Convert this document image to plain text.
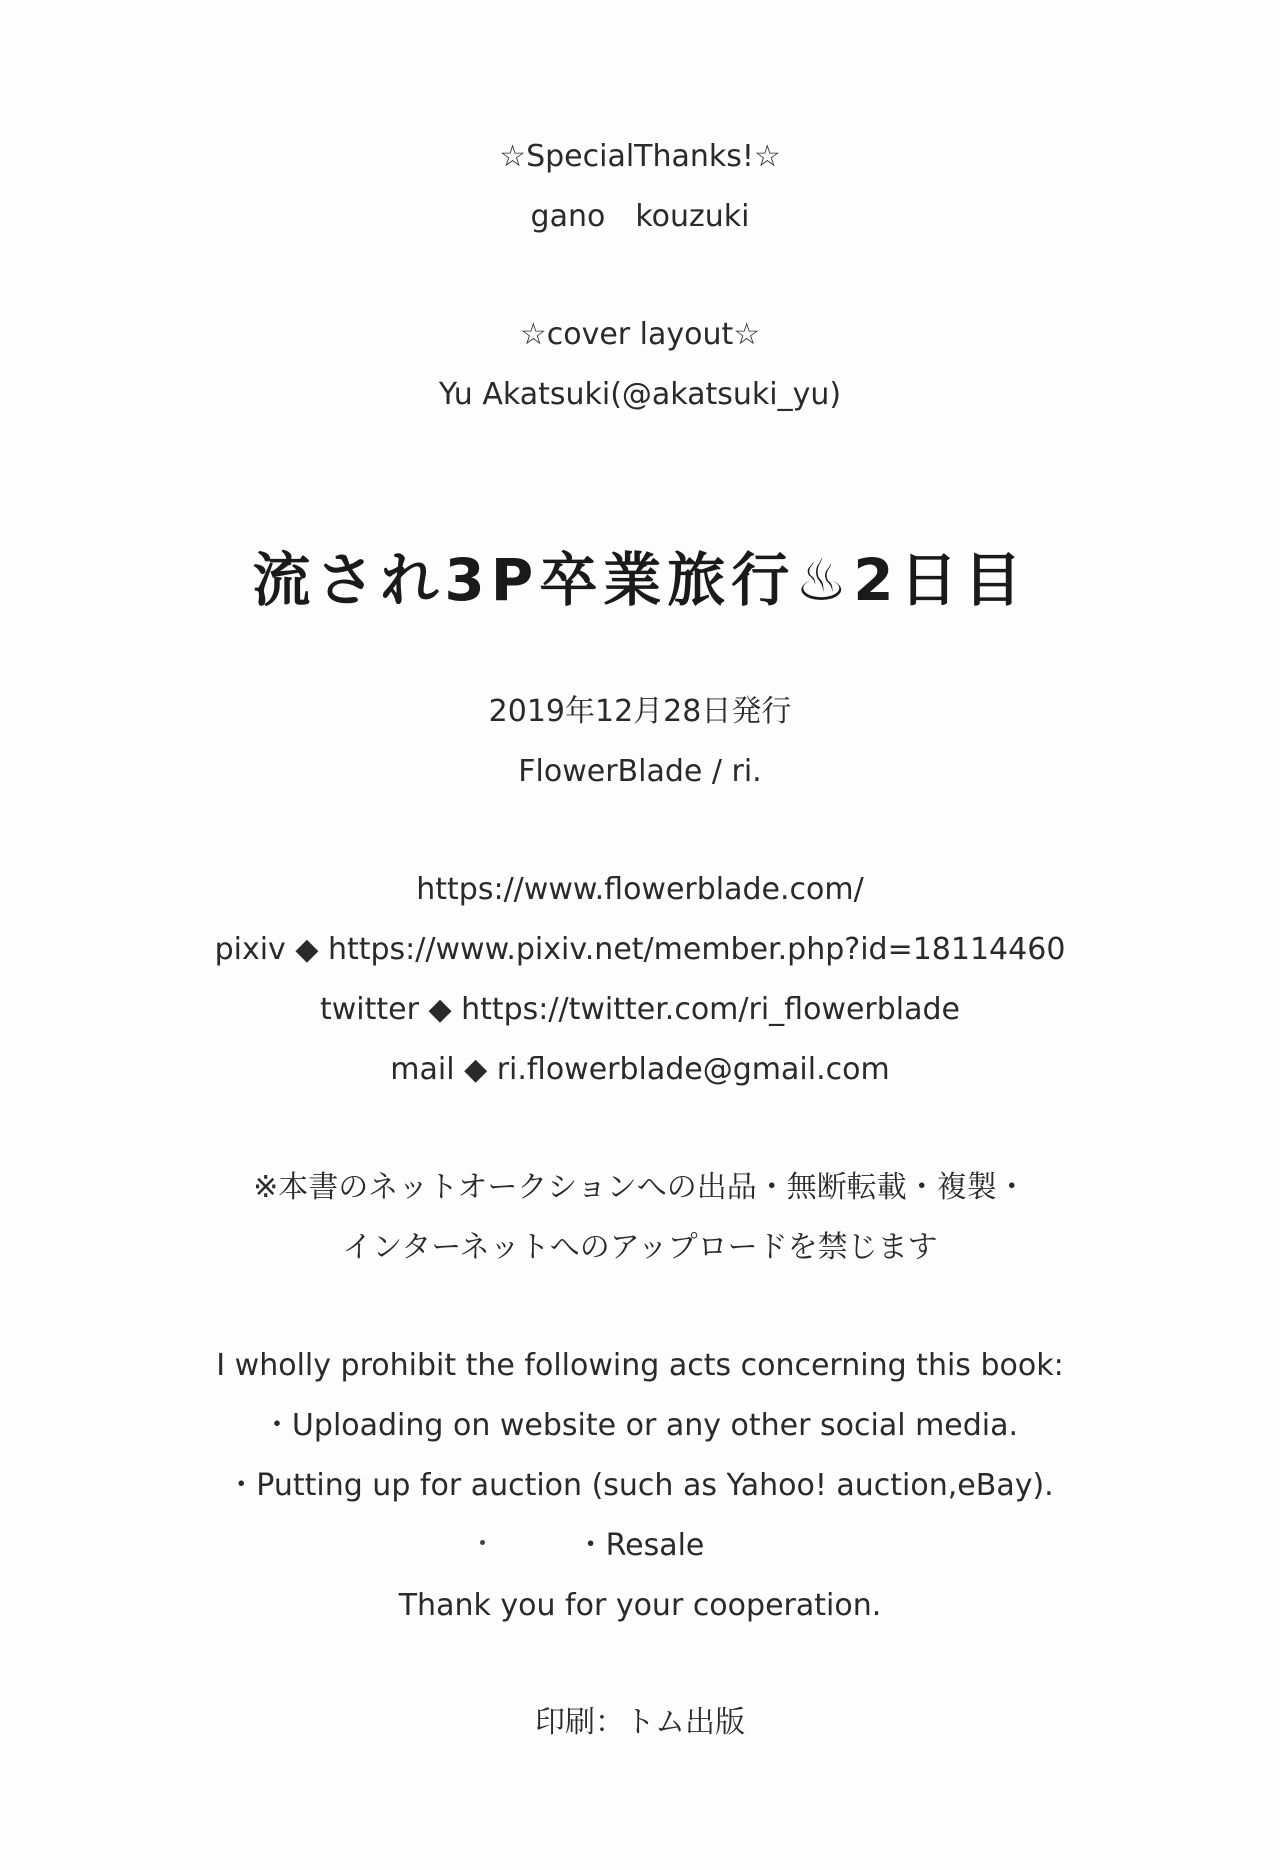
☆SpecialThanks!☆
gano　kouzuki
☆cover layout☆
Yu Akatsuki(@akatsuki_yu)
流され3P卒業旅行♨2日目
2019年12月28日発行
FlowerBlade / ri.
https://www.flowerblade.com/
pixiv ◆ https://www.pixiv.net/member.php?id=18114460
twitter ◆ https://twitter.com/ri_flowerblade
mail ◆ ri.flowerblade@gmail.com
※本書のネットオークションへの出品・無断転載・複製・
インターネットへのアップロードを禁じます
I wholly prohibit the following acts concerning this book:
・Uploading on website or any other social media.
・Putting up for auction (such as Yahoo! auction,eBay).
・Resale
Thank you for your cooperation.
印刷：トム出版
